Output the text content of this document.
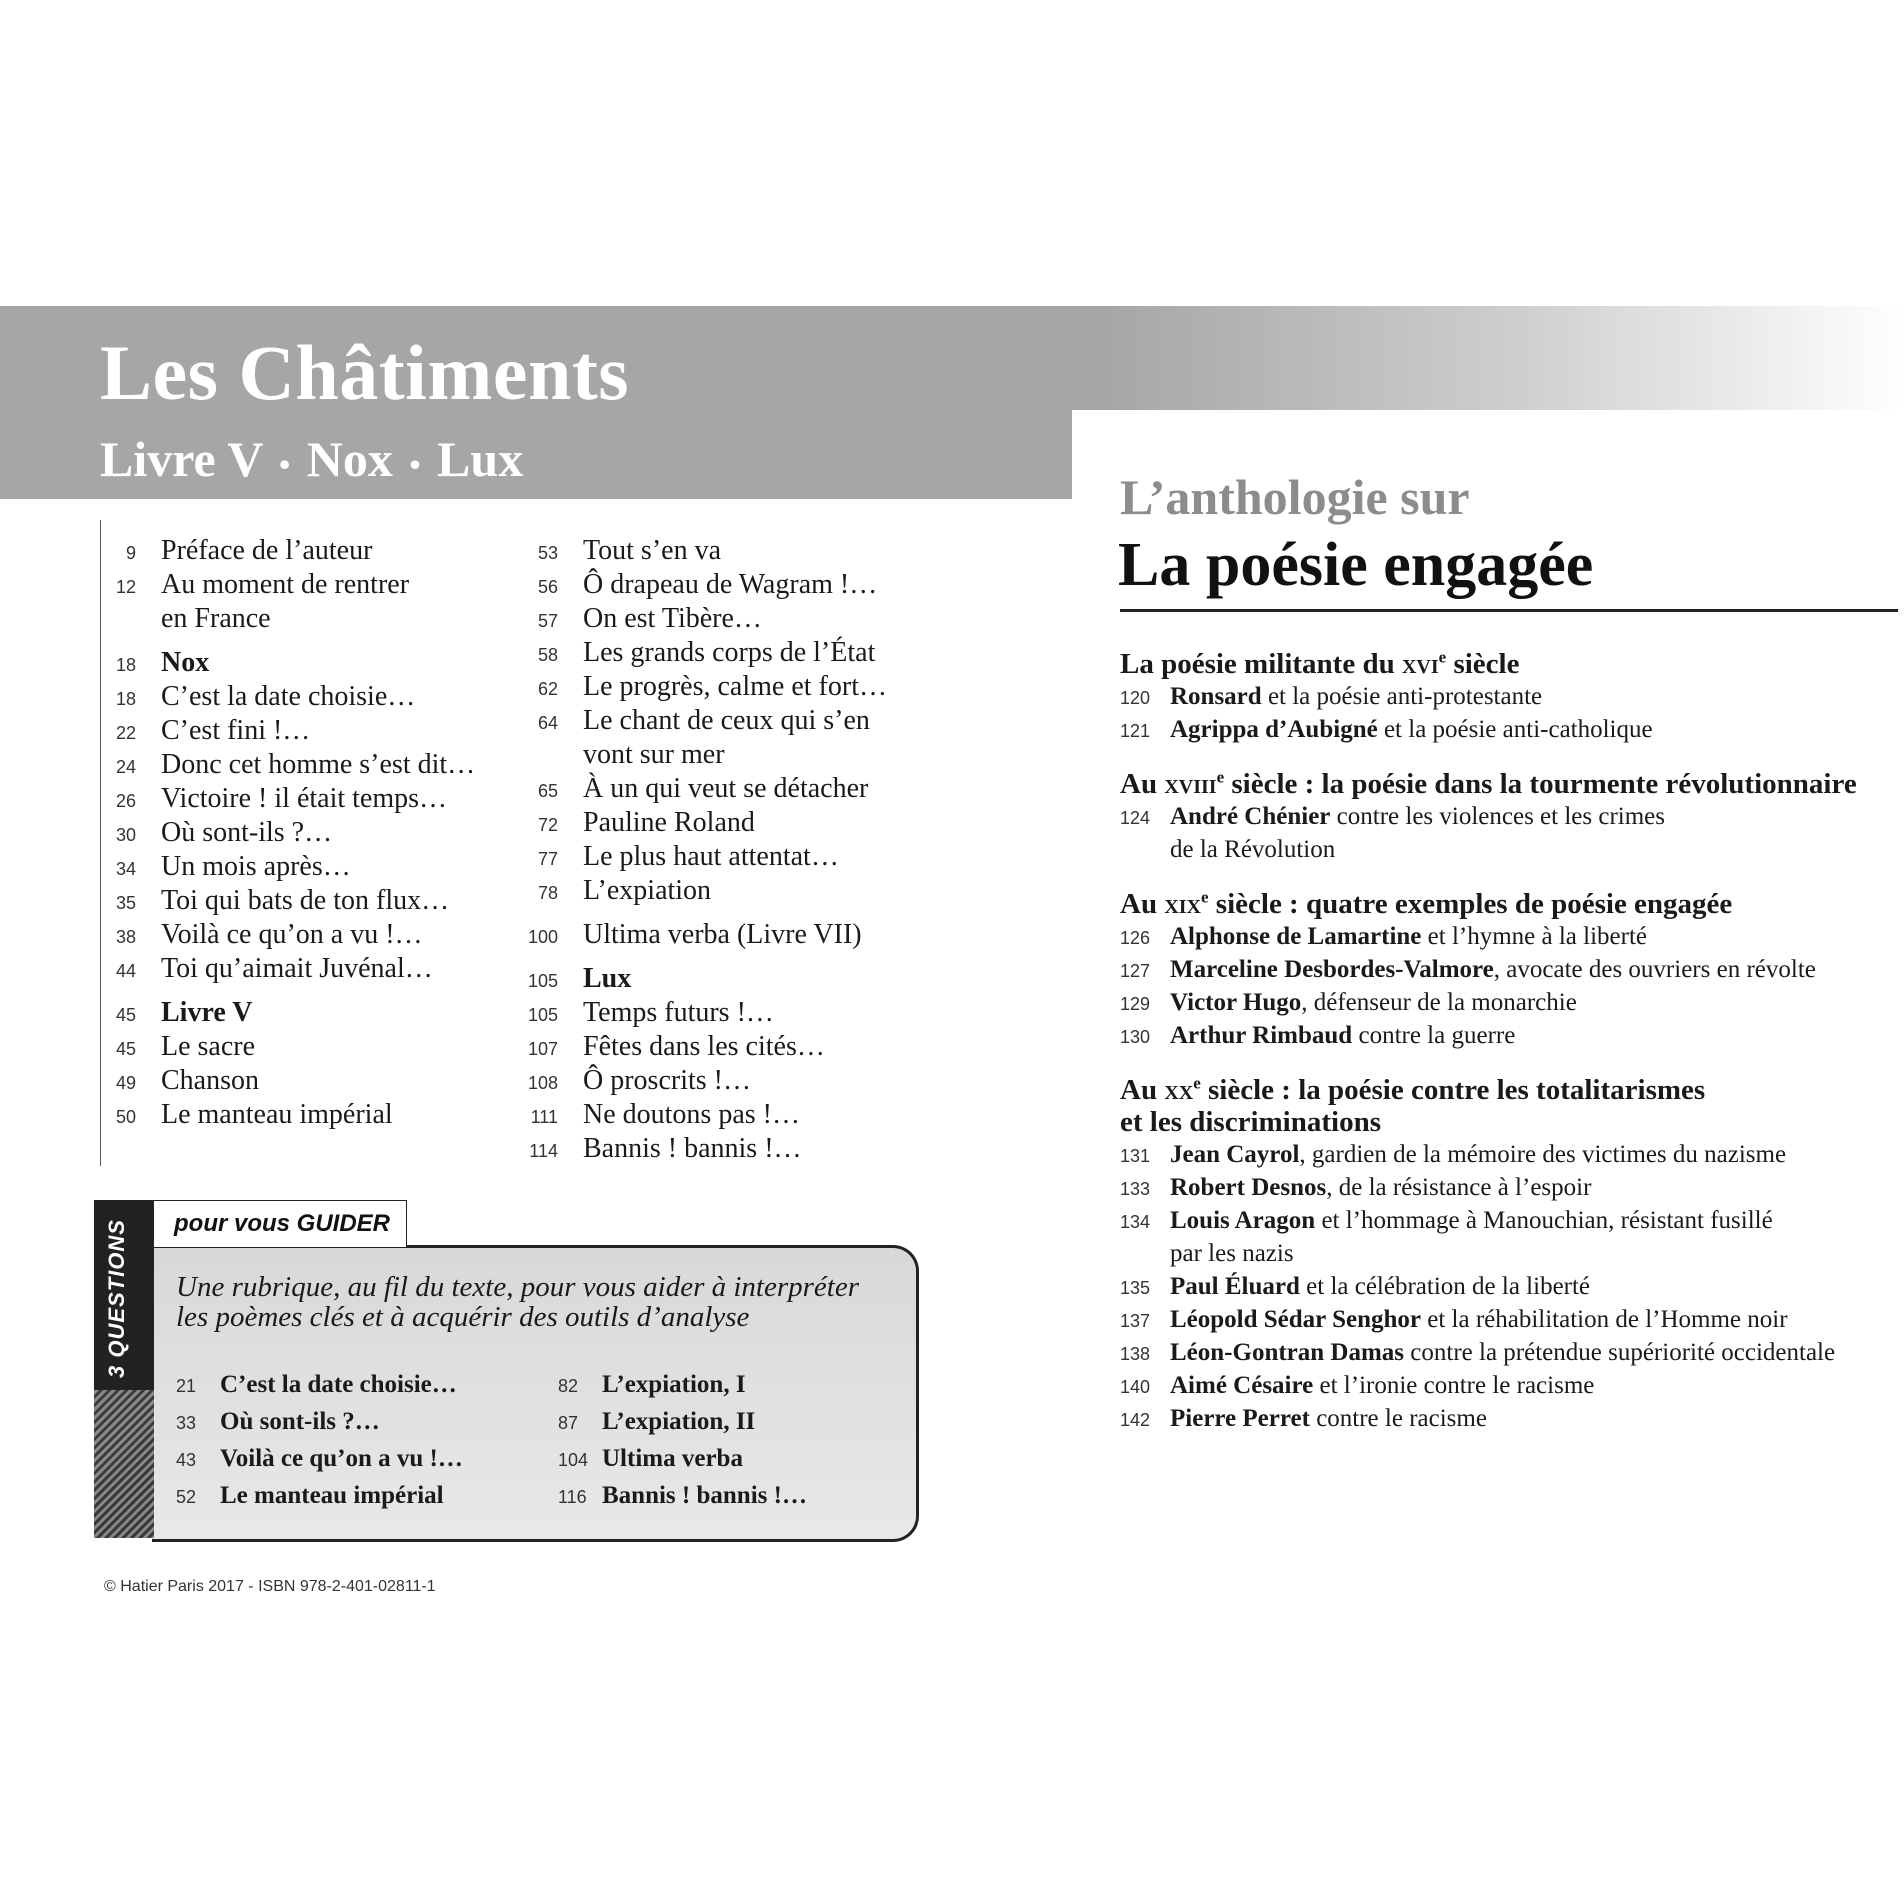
Les Châtiments
Livre V • Nox • Lux
9 Préface de l’auteur
12 Au moment de rentrer
en France
18 Nox
18 C’est la date choisie…
22 C’est fini !…
24 Donc cet homme s’est dit…
26 Victoire ! il était temps…
30 Où sont-ils ?…
34 Un mois après…
35 Toi qui bats de ton flux…
38 Voilà ce qu’on a vu !…
44 Toi qu’aimait Juvénal…
45 Livre V
45 Le sacre
49 Chanson
50 Le manteau impérial
53 Tout s’en va
56 Ô drapeau de Wagram !…
57 On est Tibère…
58 Les grands corps de l’État
62 Le progrès, calme et fort…
64 Le chant de ceux qui s’en
vont sur mer
65 À un qui veut se détacher
72 Pauline Roland
77 Le plus haut attentat…
78 L’expiation
100 Ultima verba (Livre VII)
105 Lux
105 Temps futurs !…
107 Fêtes dans les cités…
108 Ô proscrits !…
111 Ne doutons pas !…
114 Bannis ! bannis !…
L’anthologie sur
La poésie engagée
La poésie militante du xvi$^e$ siècle
120 Ronsard et la poésie anti-protestante
121 Agrippa d’Aubigné et la poésie anti-catholique
Au xviii$^e$ siècle : la poésie dans la tourmente révolutionnaire
124 André Chénier contre les violences et les crimes
de la Révolution
Au xix$^e$ siècle : quatre exemples de poésie engagée
126 Alphonse de Lamartine et l’hymne à la liberté
127 Marceline Desbordes-Valmore, avocate des ouvriers en révolte
129 Victor Hugo, défenseur de la monarchie
130 Arthur Rimbaud contre la guerre
Au $xx^e$ siècle : la poésie contre les totalitarismes
et les discriminations
131 Jean Cayrol, gardien de la mémoire des victimes du nazisme
133 Robert Desnos, de la résistance à l’espoir
134 Louis Aragon et l’hommage à Manouchian, résistant fusillé
par les nazis
135 Paul Éluard et la célébration de la liberté
137 Léopold Sédar Senghor et la réhabilitation de l’Homme noir
138 Léon-Gontran Damas contre la prétendue supériorité occidentale
140 Aimé Césaire et l’ironie contre le racisme
142 Pierre Perret contre le racisme
pour vous GUIDER
3 QUESTIONS Une rubrique, au fil du texte, pour vous aider à interpréter les poèmes clés et à acquérir des outils d’analyse
21 C’est la date choisie…
33 Où sont-ils ?…
43 Voilà ce qu’on a vu !…
52 Le manteau impérial
82 L’expiation, I
87 L’expiation, II
104 Ultima verba
116 Bannis ! bannis !…
© Hatier Paris 2017 - ISBN 978-2-401-02811-1
